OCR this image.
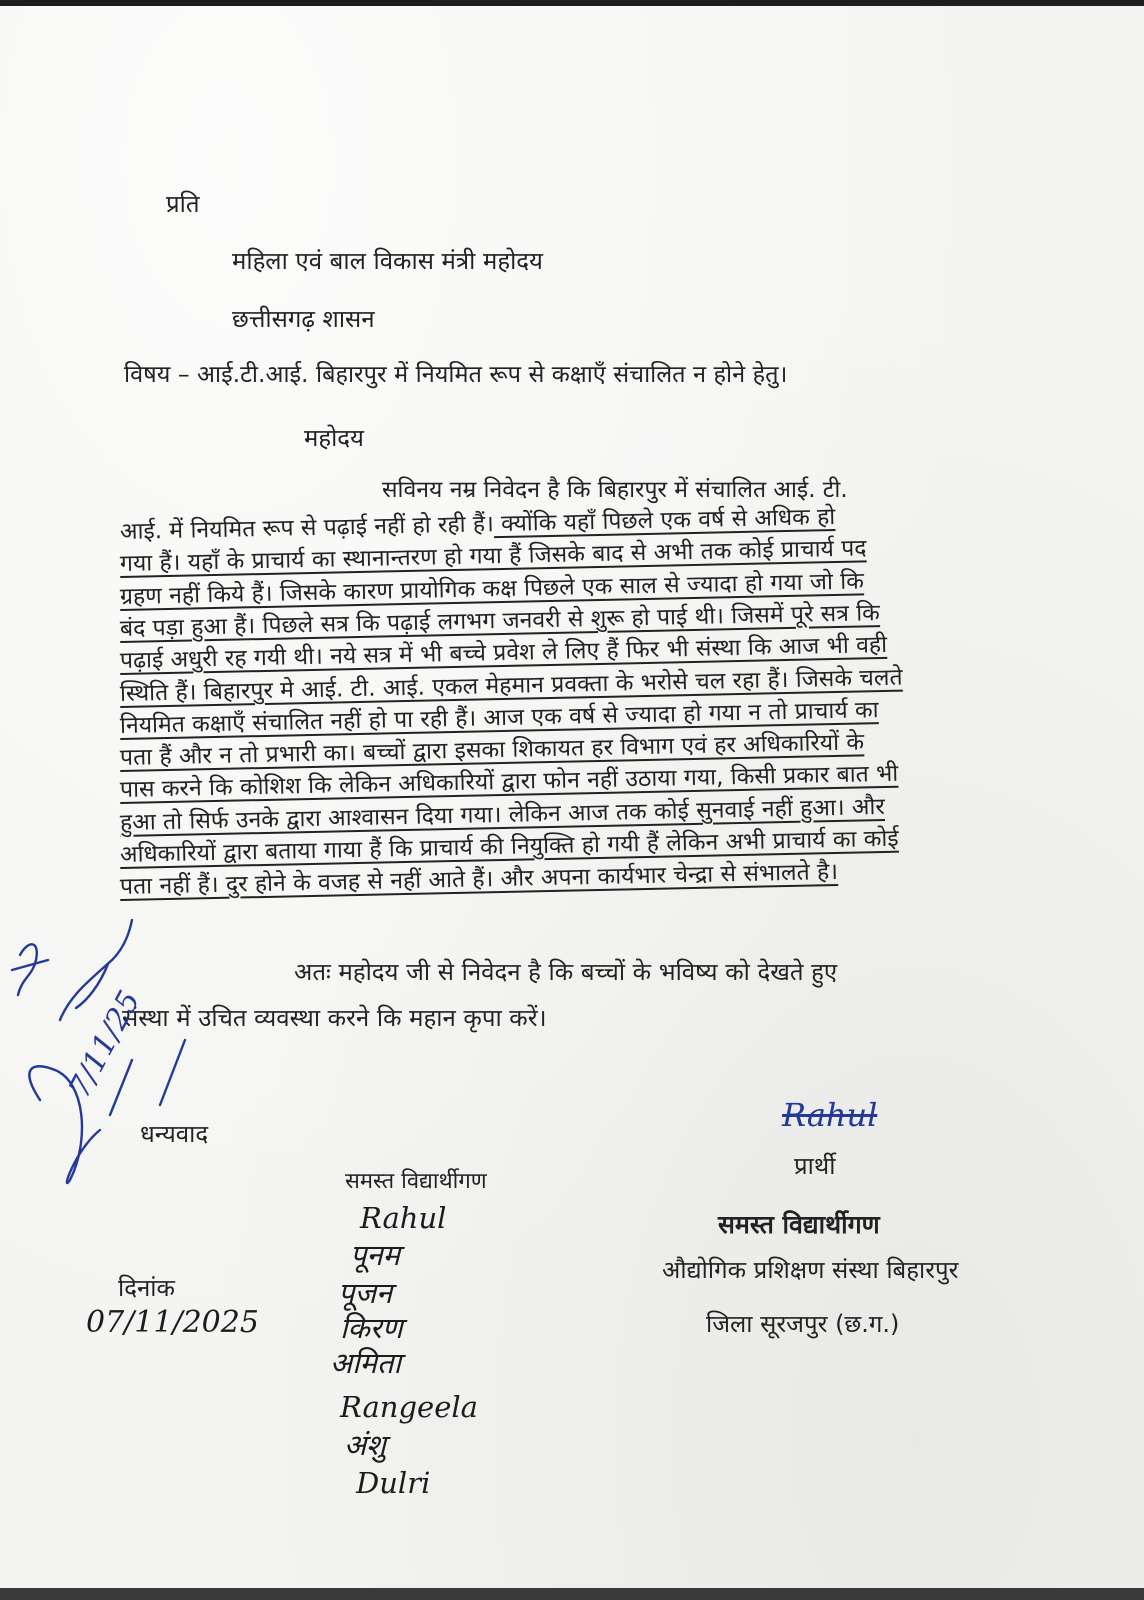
प्रति
महिला एवं बाल विकास मंत्री महोदय
छत्तीसगढ़ शासन
विषय – आई.टी.आई. बिहारपुर में नियमित रूप से कक्षाएँ संचालित न होने हेतु।
महोदय
सविनय नम्र निवेदन है कि बिहारपुर में संचालित आई. टी.
आई. में नियमित रूप से पढ़ाई नहीं हो रही हैं। क्योंकि यहाँ पिछले एक वर्ष से अधिक हो
गया हैं। यहाँ के प्राचार्य का स्थानान्तरण हो गया हैं जिसके बाद से अभी तक कोई प्राचार्य पद
ग्रहण नहीं किये हैं। जिसके कारण प्रायोगिक कक्ष पिछले एक साल से ज्यादा हो गया जो कि
बंद पड़ा हुआ हैं। पिछले सत्र कि पढ़ाई लगभग जनवरी से शुरू हो पाई थी। जिसमें पूरे सत्र कि
पढ़ाई अधुरी रह गयी थी। नये सत्र में भी बच्चे प्रवेश ले लिए हैं फिर भी संस्था कि आज भी वही
स्थिति हैं। बिहारपुर मे आई. टी. आई. एकल मेहमान प्रवक्ता के भरोसे चल रहा हैं। जिसके चलते
नियमित कक्षाएँ संचालित नहीं हो पा रही हैं। आज एक वर्ष से ज्यादा हो गया न तो प्राचार्य का
पता हैं और न तो प्रभारी का। बच्चों द्वारा इसका शिकायत हर विभाग एवं हर अधिकारियों के
पास करने कि कोशिश कि लेकिन अधिकारियों द्वारा फोन नहीं उठाया गया, किसी प्रकार बात भी
हुआ तो सिर्फ उनके द्वारा आश्वासन दिया गया। लेकिन आज तक कोई सुनवाई नहीं हुआ। और
अधिकारियों द्वारा बताया गाया हैं कि प्राचार्य की नियुक्ति हो गयी हैं लेकिन अभी प्राचार्य का कोई
पता नहीं हैं। दुर होने के वजह से नहीं आते हैं। और अपना कार्यभार चेन्द्रा से संभालते है।
अतः महोदय जी से निवेदन है कि बच्चों के भविष्य को देखते हुए
संस्था में उचित व्यवस्था करने कि महान कृपा करें।
7/11/25
धन्यवाद
दिनांक
07/11/2025
समस्त विद्यार्थीगण
Rahul
पूनम
पूजन
किरण
अमिता
Rangeela
अंशु
Dulri
Rahul
प्रार्थी
समस्त विद्यार्थीगण
औद्योगिक प्रशिक्षण संस्था बिहारपुर
जिला सूरजपुर (छ.ग.)
